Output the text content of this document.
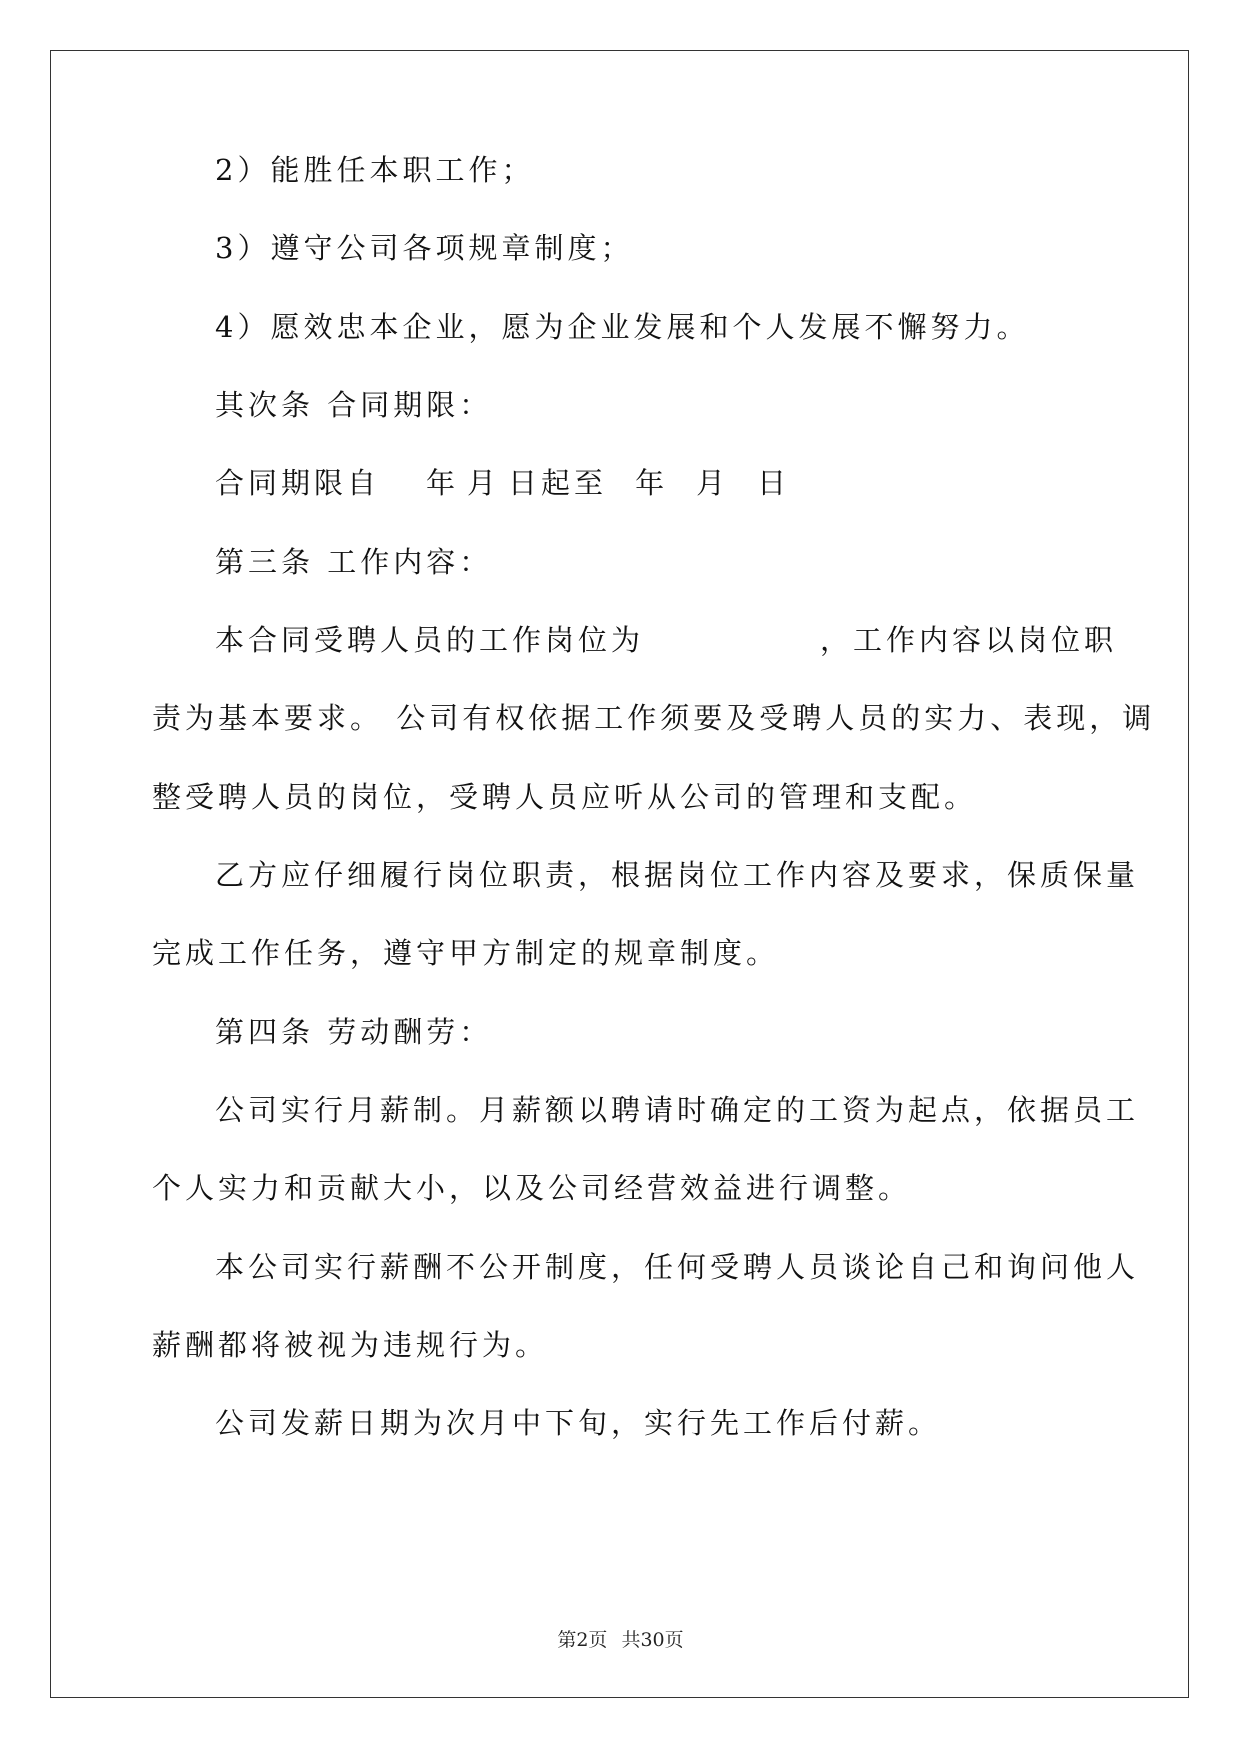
2）能胜任本职工作；
3）遵守公司各项规章制度；
4）愿效忠本企业，愿为企业发展和个人发展不懈努力。
其次条 合同期限：
合同期限自 年 月 日起至 年 月 日
第三条 工作内容：
本合同受聘人员的工作岗位为	，工作内容以岗位职
责为基本要求。 公司有权依据工作须要及受聘人员的实力、表现，调
整受聘人员的岗位，受聘人员应听从公司的管理和支配。
乙方应仔细履行岗位职责，根据岗位工作内容及要求，保质保量
完成工作任务，遵守甲方制定的规章制度。
第四条 劳动酬劳：
公司实行月薪制。月薪额以聘请时确定的工资为起点，依据员工
个人实力和贡献大小，以及公司经营效益进行调整。
本公司实行薪酬不公开制度，任何受聘人员谈论自己和询问他人
薪酬都将被视为违规行为。
公司发薪日期为次月中下旬，实行先工作后付薪。
第2页 共30页
